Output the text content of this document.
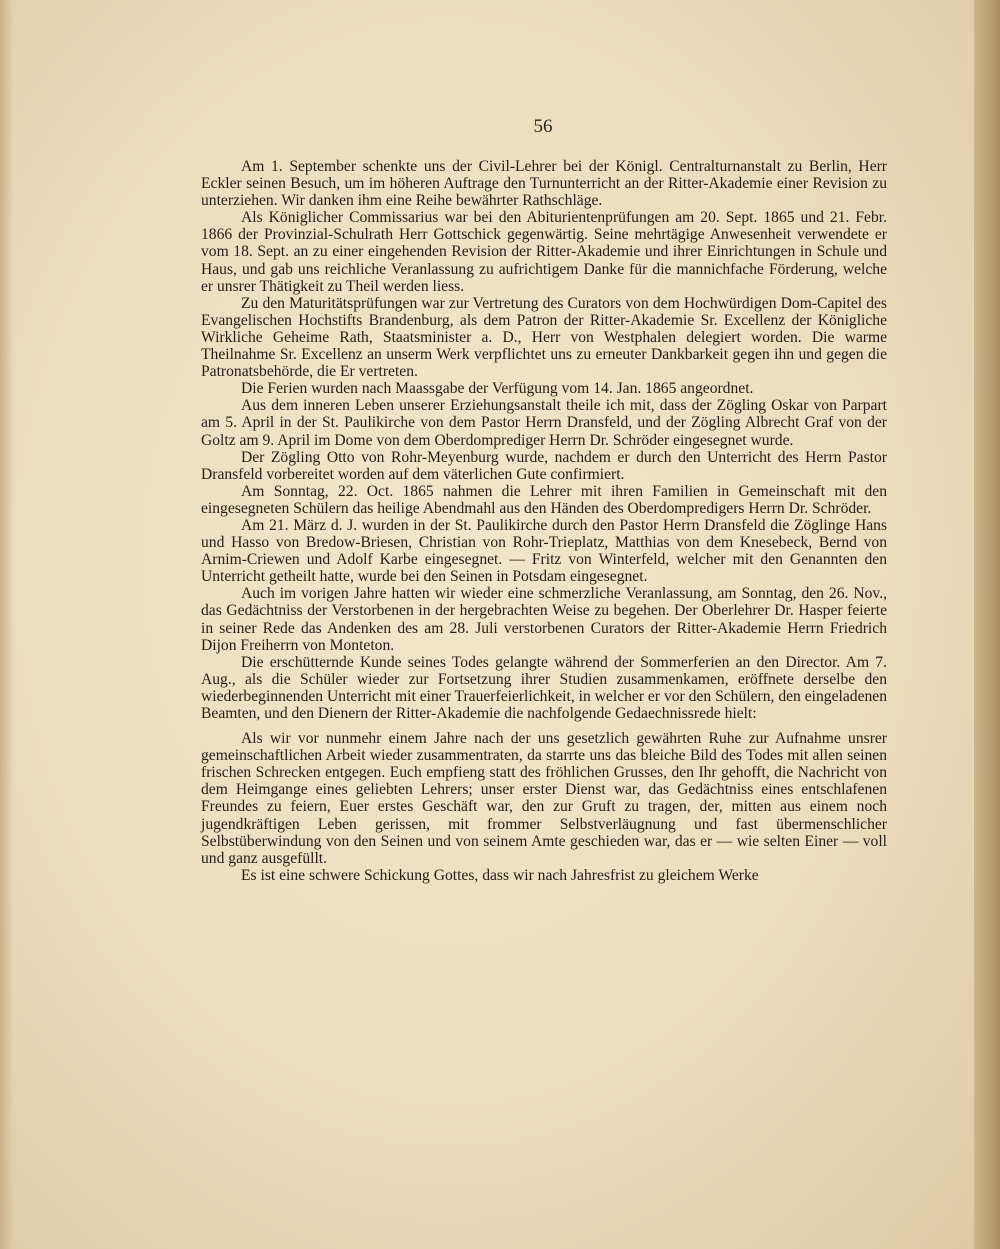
56

Am 1. September schenkte uns der Civil-Lehrer bei der Königl. Centralturnanstalt zu Berlin, Herr Eckler seinen Besuch, um im höheren Auftrage den Turnunterricht an der Ritter-Akademie einer Revision zu unterziehen. Wir danken ihm eine Reihe bewährter Rathschläge.

Als Königlicher Commissarius war bei den Abiturientenprüfungen am 20. Sept. 1865 und 21. Febr. 1866 der Provinzial-Schulrath Herr Gottschick gegenwärtig. Seine mehrtägige Anwesenheit verwendete er vom 18. Sept. an zu einer eingehenden Revision der Ritter-Akademie und ihrer Einrichtungen in Schule und Haus, und gab uns reichliche Veranlassung zu aufrichtigem Danke für die mannichfache Förderung, welche er unsrer Thätigkeit zu Theil werden liess.

Zu den Maturitätsprüfungen war zur Vertretung des Curators von dem Hochwürdigen Dom-Capitel des Evangelischen Hochstifts Brandenburg, als dem Patron der Ritter-Akademie Sr. Excellenz der Königliche Wirkliche Geheime Rath, Staatsminister a. D., Herr von Westphalen delegiert worden. Die warme Theilnahme Sr. Excellenz an unserm Werk verpflichtet uns zu erneuter Dankbarkeit gegen ihn und gegen die Patronatsbehörde, die Er vertreten.

Die Ferien wurden nach Maassgabe der Verfügung vom 14. Jan. 1865 angeordnet.

Aus dem inneren Leben unserer Erziehungsanstalt theile ich mit, dass der Zögling Oskar von Parpart am 5. April in der St. Paulikirche von dem Pastor Herrn Dransfeld, und der Zögling Albrecht Graf von der Goltz am 9. April im Dome von dem Oberdomprediger Herrn Dr. Schröder eingesegnet wurde.

Der Zögling Otto von Rohr-Meyenburg wurde, nachdem er durch den Unterricht des Herrn Pastor Dransfeld vorbereitet worden auf dem väterlichen Gute confirmiert.

Am Sonntag, 22. Oct. 1865 nahmen die Lehrer mit ihren Familien in Gemeinschaft mit den eingesegneten Schülern das heilige Abendmahl aus den Händen des Oberdompredigers Herrn Dr. Schröder.

Am 21. März d. J. wurden in der St. Paulikirche durch den Pastor Herrn Dransfeld die Zöglinge Hans und Hasso von Bredow-Briesen, Christian von Rohr-Trieplatz, Matthias von dem Knesebeck, Bernd von Arnim-Criewen und Adolf Karbe eingesegnet. — Fritz von Winterfeld, welcher mit den Genannten den Unterricht getheilt hatte, wurde bei den Seinen in Potsdam eingesegnet.

Auch im vorigen Jahre hatten wir wieder eine schmerzliche Veranlassung, am Sonntag, den 26. Nov., das Gedächtniss der Verstorbenen in der hergebrachten Weise zu begehen. Der Oberlehrer Dr. Hasper feierte in seiner Rede das Andenken des am 28. Juli verstorbenen Curators der Ritter-Akademie Herrn Friedrich Dijon Freiherrn von Monteton.

Die erschütternde Kunde seines Todes gelangte während der Sommerferien an den Director. Am 7. Aug., als die Schüler wieder zur Fortsetzung ihrer Studien zusammenkamen, eröffnete derselbe den wiederbeginnenden Unterricht mit einer Trauerfeierlichkeit, in welcher er vor den Schülern, den eingeladenen Beamten, und den Dienern der Ritter-Akademie die nachfolgende Gedaechnissrede hielt:

Als wir vor nunmehr einem Jahre nach der uns gesetzlich gewährten Ruhe zur Aufnahme unsrer gemeinschaftlichen Arbeit wieder zusammentraten, da starrte uns das bleiche Bild des Todes mit allen seinen frischen Schrecken entgegen. Euch empfieng statt des fröhlichen Grusses, den Ihr gehofft, die Nachricht von dem Heimgange eines geliebten Lehrers; unser erster Dienst war, das Gedächtniss eines entschlafenen Freundes zu feiern, Euer erstes Geschäft war, den zur Gruft zu tragen, der, mitten aus einem noch jugendkräftigen Leben gerissen, mit frommer Selbstverläugnung und fast übermenschlicher Selbstüberwindung von den Seinen und von seinem Amte geschieden war, das er — wie selten Einer — voll und ganz ausgefüllt.

Es ist eine schwere Schickung Gottes, dass wir nach Jahresfrist zu gleichem Werke
